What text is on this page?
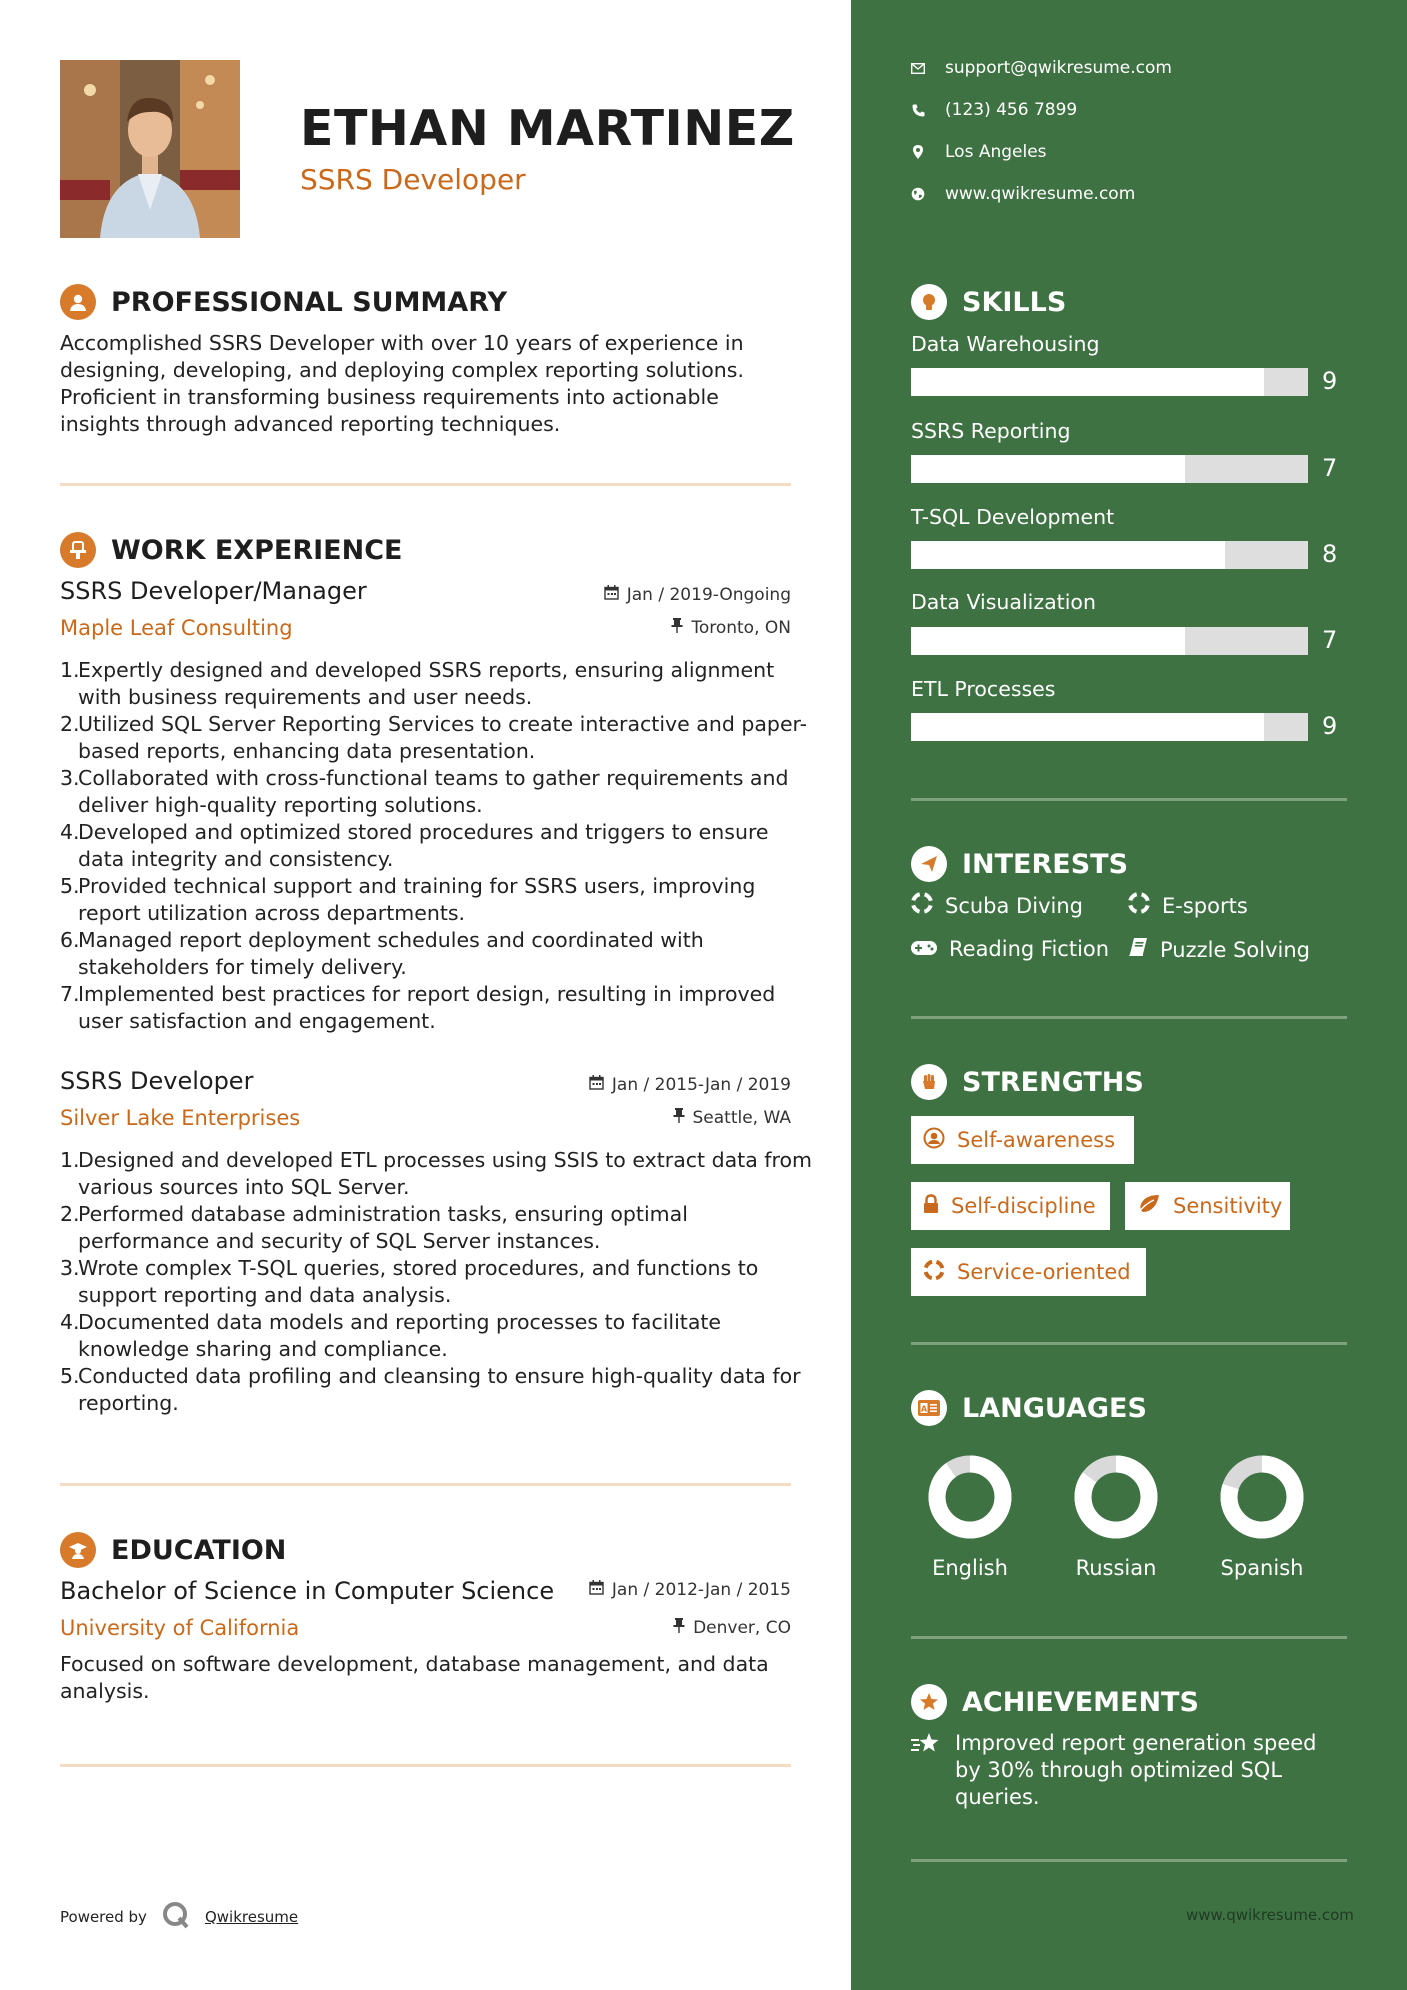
ETHAN MARTINEZ
SSRS Developer
PROFESSIONAL SUMMARY
Accomplished SSRS Developer with over 10 years of experience in designing, developing, and deploying complex reporting solutions. Proficient in transforming business requirements into actionable insights through advanced reporting techniques.
WORK EXPERIENCE
SSRS Developer/Manager
Maple Leaf Consulting
Jan / 2019-Ongoing
Toronto, ON
Expertly designed and developed SSRS reports, ensuring alignment with business requirements and user needs.
Utilized SQL Server Reporting Services to create interactive and paper-based reports, enhancing data presentation.
Collaborated with cross-functional teams to gather requirements and deliver high-quality reporting solutions.
Developed and optimized stored procedures and triggers to ensure data integrity and consistency.
Provided technical support and training for SSRS users, improving report utilization across departments.
Managed report deployment schedules and coordinated with stakeholders for timely delivery.
Implemented best practices for report design, resulting in improved user satisfaction and engagement.
SSRS Developer
Silver Lake Enterprises
Jan / 2015-Jan / 2019
Seattle, WA
Designed and developed ETL processes using SSIS to extract data from various sources into SQL Server.
Performed database administration tasks, ensuring optimal performance and security of SQL Server instances.
Wrote complex T-SQL queries, stored procedures, and functions to support reporting and data analysis.
Documented data models and reporting processes to facilitate knowledge sharing and compliance.
Conducted data profiling and cleansing to ensure high-quality data for reporting.
EDUCATION
Bachelor of Science in Computer Science
University of California
Jan / 2012-Jan / 2015
Denver, CO
Focused on software development, database management, and data analysis.
Powered by	Qwikresume
support@qwikresume.com
(123) 456 7899
Los Angeles
www.qwikresume.com
SKILLS
Data Warehousing
9
SSRS Reporting
7
T-SQL Development
8
Data Visualization
7
ETL Processes
9
INTERESTS
Scuba Diving	E-sports
Reading Fiction Puzzle Solving
STRENGTHS
Self-awareness
Self-discipline	Sensitivity
Service-oriented
A LANGUAGES
English	Russian	Spanish
ACHIEVEMENTS
Improved report generation speed by 30% through optimized SQL queries.
www.qwikresume.com
